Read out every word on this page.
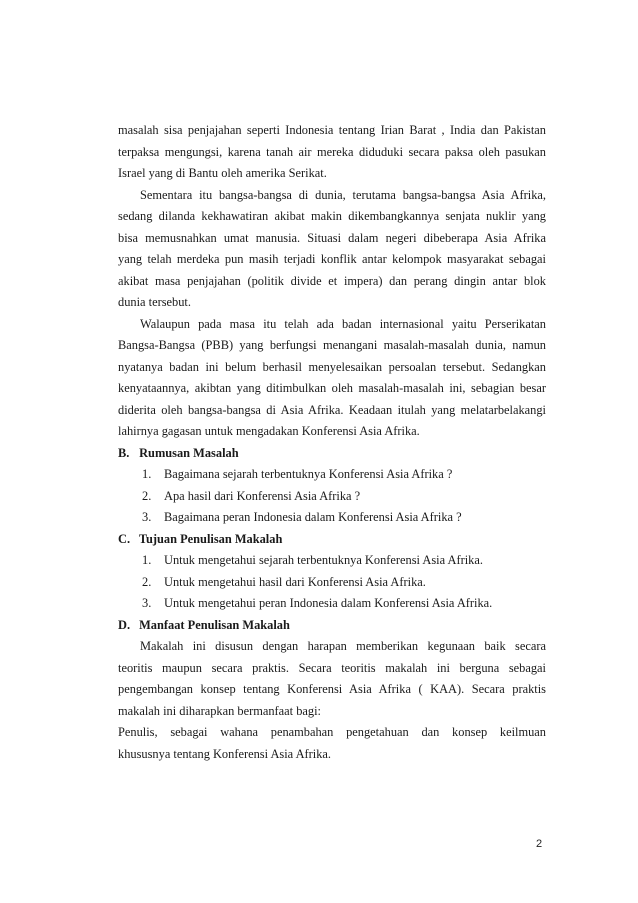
masalah sisa penjajahan seperti Indonesia tentang Irian Barat , India dan Pakistan
terpaksa mengungsi, karena tanah air mereka diduduki secara paksa oleh pasukan
Israel yang di Bantu oleh amerika Serikat.
Sementara itu bangsa-bangsa di dunia, terutama bangsa-bangsa Asia Afrika,
sedang dilanda kekhawatiran akibat makin dikembangkannya senjata nuklir yang
bisa memusnahkan umat manusia. Situasi dalam negeri dibeberapa Asia Afrika
yang telah merdeka pun masih terjadi konflik antar kelompok masyarakat sebagai
akibat masa penjajahan (politik divide et impera) dan perang dingin antar blok
dunia tersebut.
Walaupun pada masa itu telah ada badan internasional yaitu Perserikatan
Bangsa-Bangsa (PBB) yang berfungsi menangani masalah-masalah dunia, namun
nyatanya badan ini belum berhasil menyelesaikan persoalan tersebut. Sedangkan
kenyataannya, akibtan yang ditimbulkan oleh masalah-masalah ini, sebagian besar
diderita oleh bangsa-bangsa di Asia Afrika. Keadaan itulah yang melatarbelakangi
lahirnya gagasan untuk mengadakan Konferensi Asia Afrika.
B. Rumusan Masalah
1. Bagaimana sejarah terbentuknya Konferensi Asia Afrika ?
2. Apa hasil dari Konferensi Asia Afrika ?
3. Bagaimana peran Indonesia dalam Konferensi Asia Afrika ?
C. Tujuan Penulisan Makalah
1. Untuk mengetahui sejarah terbentuknya Konferensi Asia Afrika.
2. Untuk mengetahui hasil dari Konferensi Asia Afrika.
3. Untuk mengetahui peran Indonesia dalam Konferensi Asia Afrika.
D. Manfaat Penulisan Makalah
Makalah ini disusun dengan harapan memberikan kegunaan baik secara
teoritis maupun secara praktis. Secara teoritis makalah ini berguna sebagai
pengembangan konsep tentang Konferensi Asia Afrika ( KAA). Secara praktis
makalah ini diharapkan bermanfaat bagi:
Penulis, sebagai wahana penambahan pengetahuan dan konsep keilmuan
khususnya tentang Konferensi Asia Afrika.
2
